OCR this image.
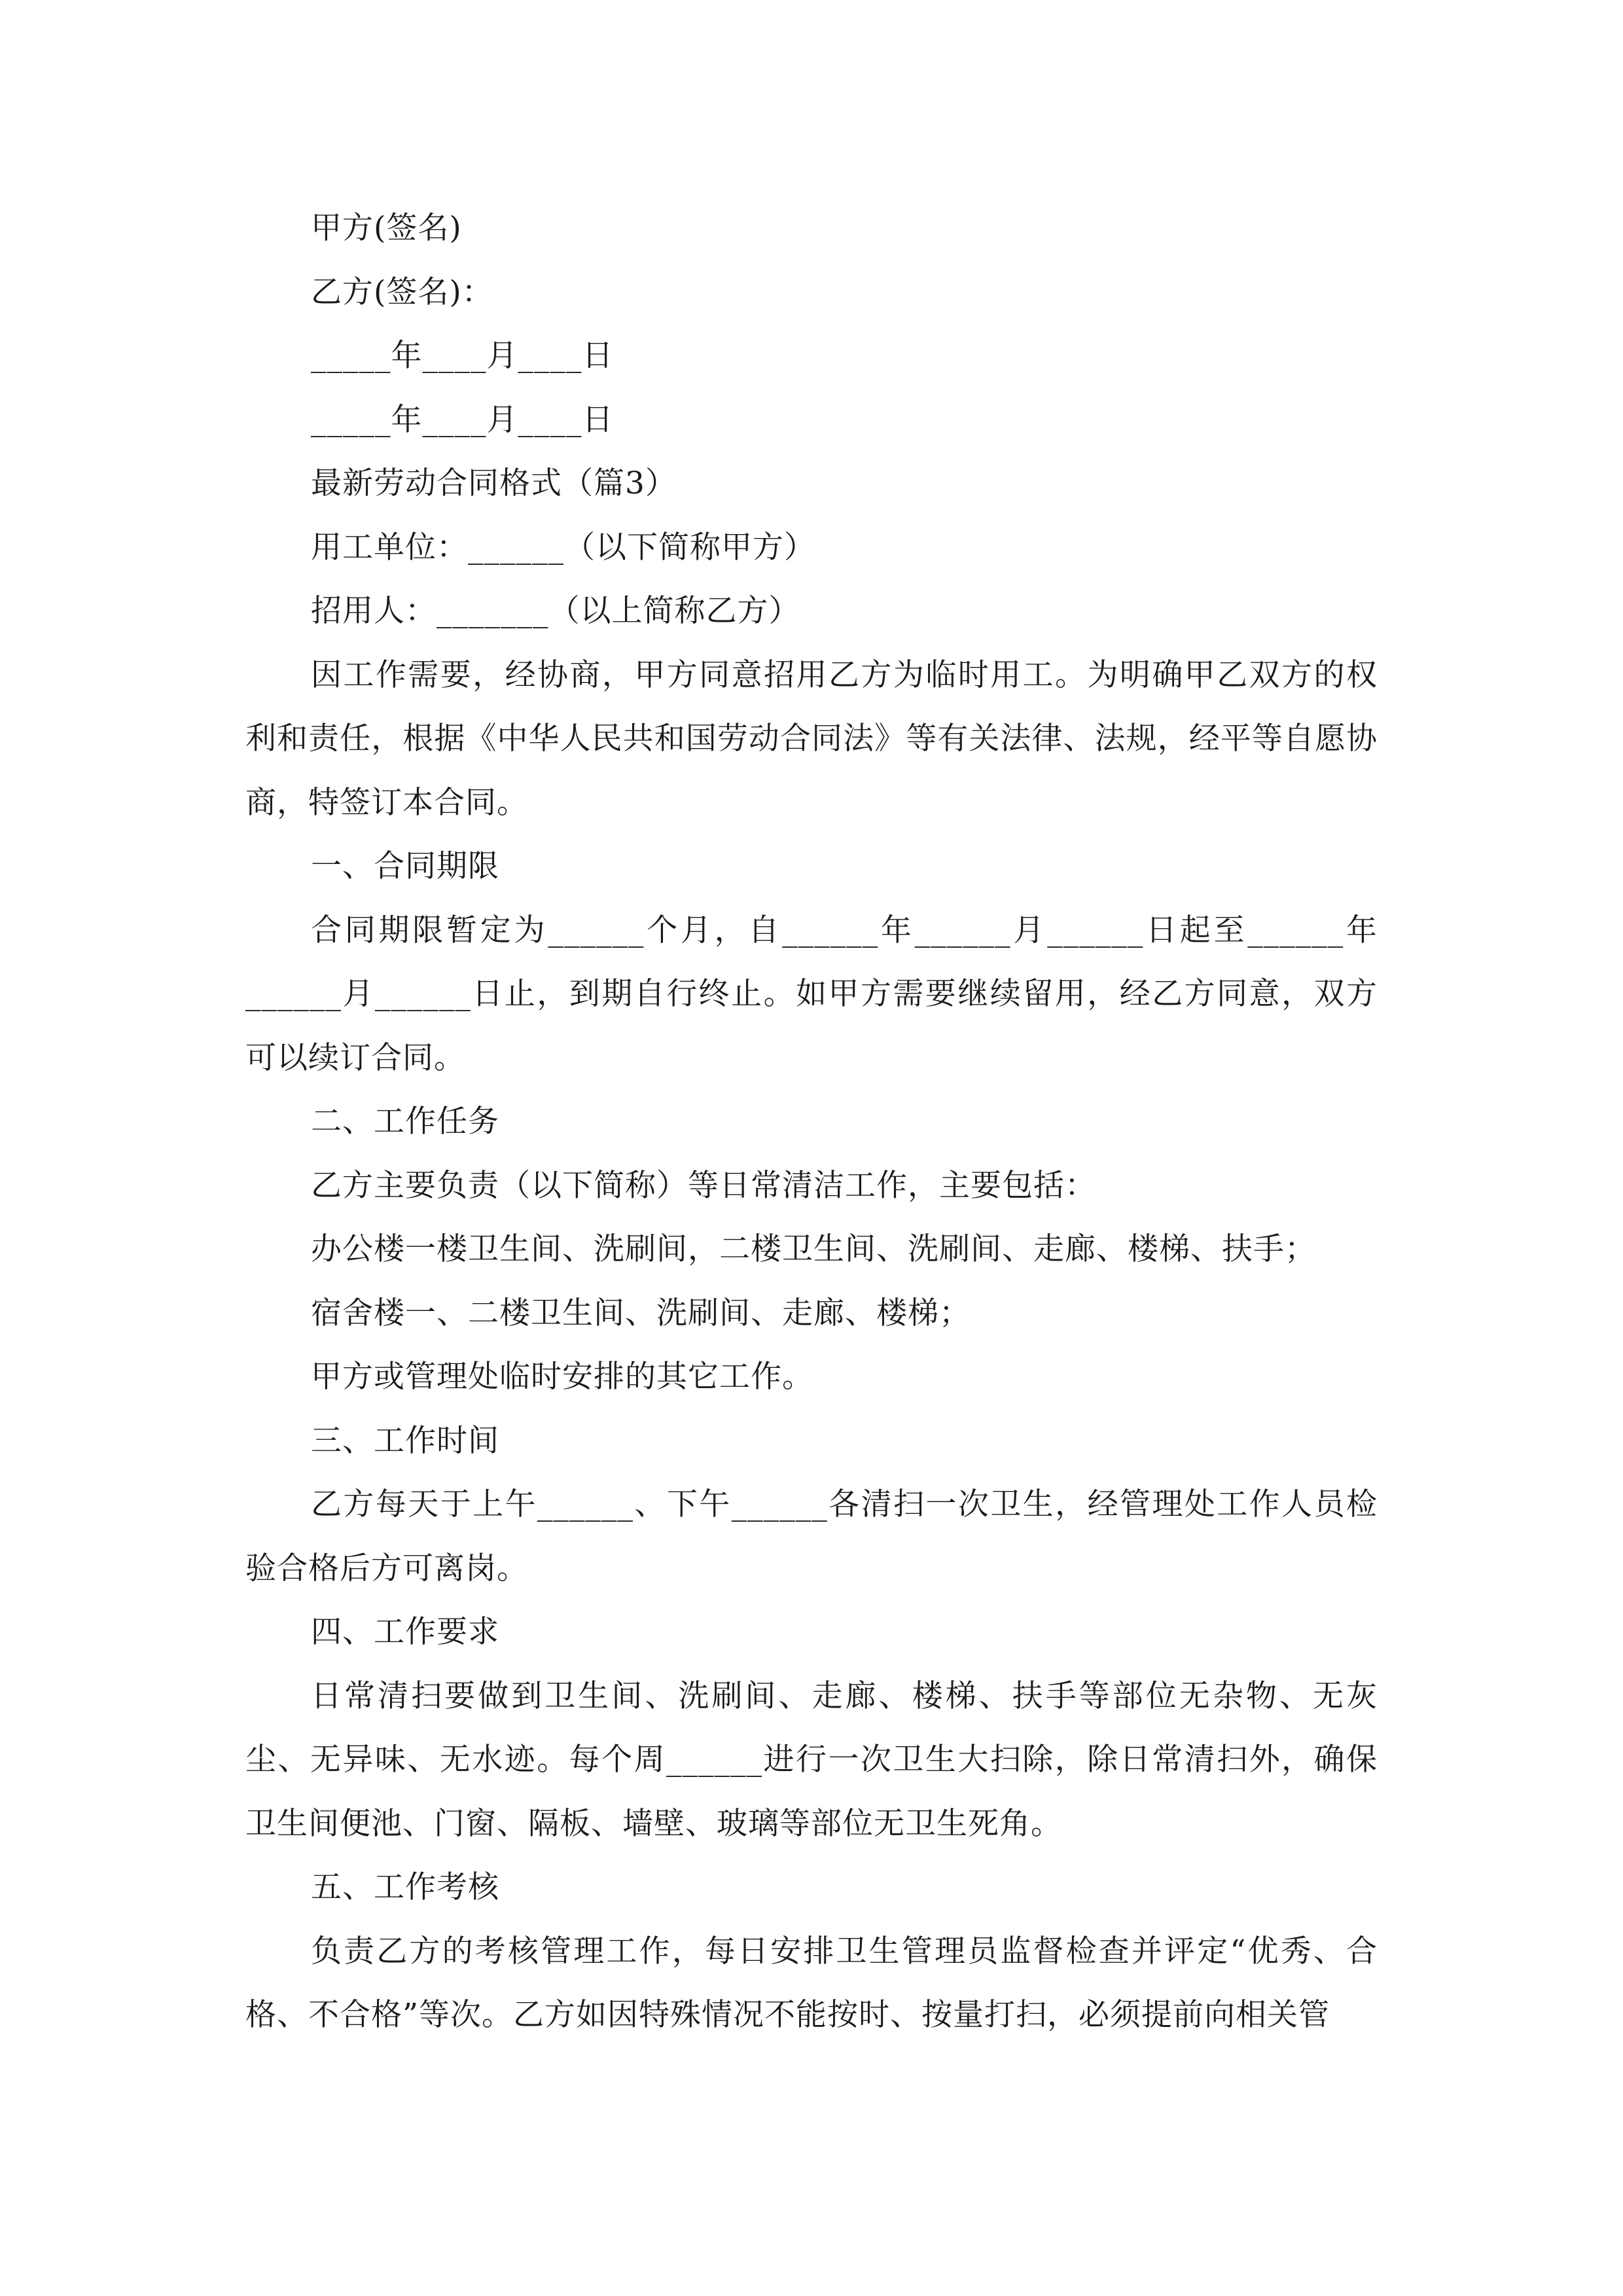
甲方(签名)

乙方(签名)：

_____年____月____日

_____年____月____日

最新劳动合同格式（篇3）

用工单位：______（以下简称甲方）

招用人：_______（以上简称乙方）

因工作需要，经协商，甲方同意招用乙方为临时用工。为明确甲乙双方的权利和责任，根据《中华人民共和国劳动合同法》等有关法律、法规，经平等自愿协商，特签订本合同。

一、合同期限

合同期限暂定为______个月，自______年______月______日起至______年______月______日止，到期自行终止。如甲方需要继续留用，经乙方同意，双方可以续订合同。

二、工作任务

乙方主要负责（以下简称）等日常清洁工作，主要包括：

办公楼一楼卫生间、洗刷间，二楼卫生间、洗刷间、走廊、楼梯、扶手；

宿舍楼一、二楼卫生间、洗刷间、走廊、楼梯；

甲方或管理处临时安排的其它工作。

三、工作时间

乙方每天于上午______、下午______各清扫一次卫生，经管理处工作人员检验合格后方可离岗。

四、工作要求

日常清扫要做到卫生间、洗刷间、走廊、楼梯、扶手等部位无杂物、无灰尘、无异味、无水迹。每个周______进行一次卫生大扫除，除日常清扫外，确保卫生间便池、门窗、隔板、墙壁、玻璃等部位无卫生死角。

五、工作考核

负责乙方的考核管理工作，每日安排卫生管理员监督检查并评定“优秀、合格、不合格”等次。乙方如因特殊情况不能按时、按量打扫，必须提前向相关管
